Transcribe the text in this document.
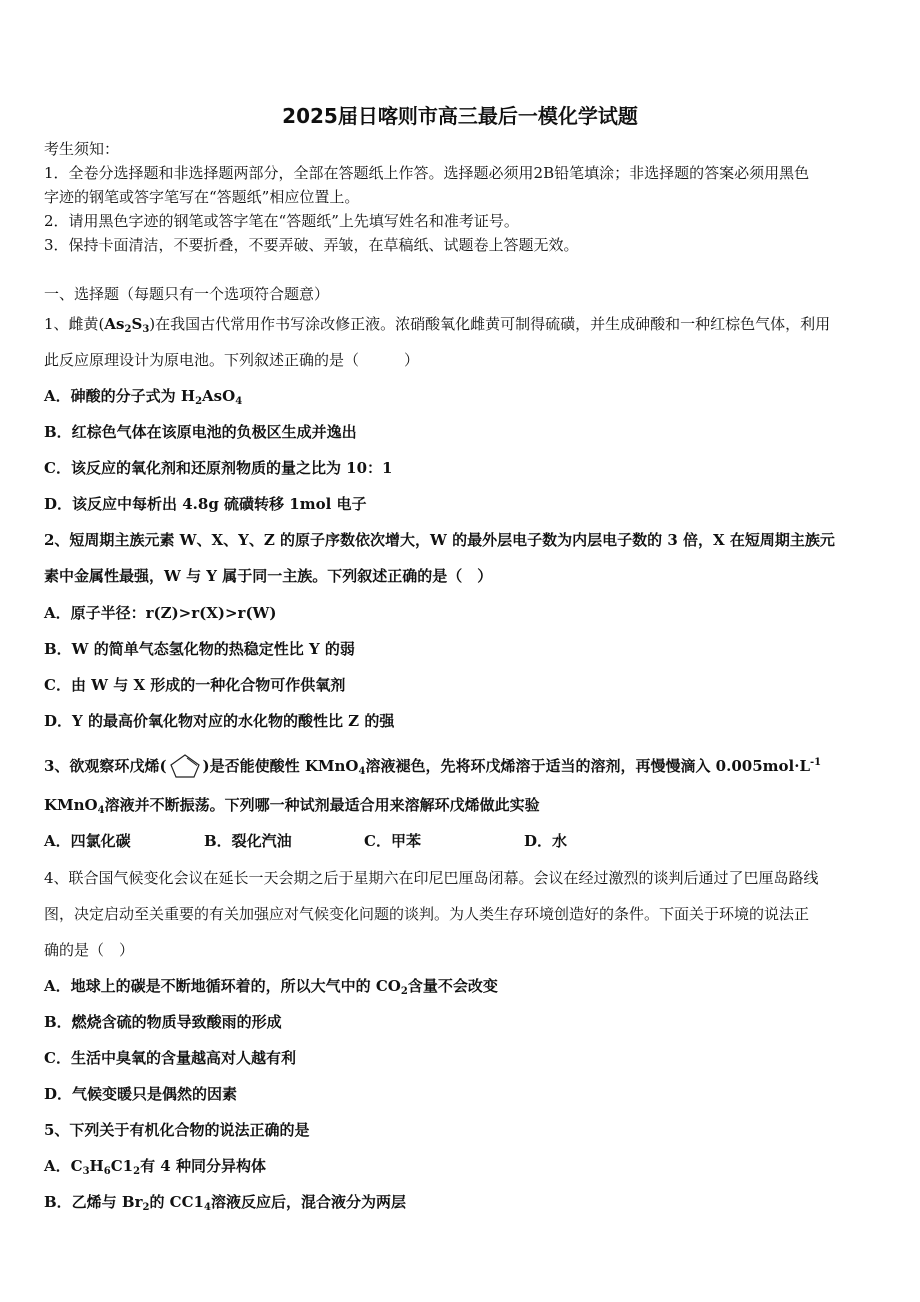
2025届日喀则市高三最后一模化学试题
考生须知：
1．全卷分选择题和非选择题两部分，全部在答题纸上作答。选择题必须用2B铅笔填涂；非选择题的答案必须用黑色
字迹的钢笔或答字笔写在“答题纸”相应位置上。
2．请用黑色字迹的钢笔或答字笔在“答题纸”上先填写姓名和准考证号。
3．保持卡面清洁，不要折叠，不要弄破、弄皱，在草稿纸、试题卷上答题无效。
一、选择题（每题只有一个选项符合题意）
1、雌黄$(As_2S_3)$在我国古代常用作书写涂改修正液。浓硝酸氧化雌黄可制得硫磺，并生成砷酸和一种红棕色气体，利用
此反应原理设计为原电池。下列叙述正确的是（　　　）
A．砷酸的分子式为 $H_2AsO_4$
B．红棕色气体在该原电池的负极区生成并逸出
C．该反应的氧化剂和还原剂物质的量之比为 10：1
D．该反应中每析出 4.8g 硫磺转移 1mol 电子
2、短周期主族元素 W、X、Y、Z 的原子序数依次增大，W 的最外层电子数为内层电子数的 3 倍，X 在短周期主族元
素中金属性最强，W 与 Y 属于同一主族。下列叙述正确的是（　）
A．原子半径：r(Z)>r(X)>r(W)
B．W 的简单气态氢化物的热稳定性比 Y 的弱
C．由 W 与 X 形成的一种化合物可作供氧剂
D．Y 的最高价氧化物对应的水化物的酸性比 Z 的强
3、欲观察环戊烯( )是否能使酸性 KMnO$_4$溶液褪色，先将环戊烯溶于适当的溶剂，再慢慢滴入 $0.005mol\cdot L^{-1}$
KMnO$_4$溶液并不断振荡。下列哪一种试剂最适合用来溶解环戊烯做此实验
A．四氯化碳	B．裂化汽油	C．甲苯	D．水
4、联合国气候变化会议在延长一天会期之后于星期六在印尼巴厘岛闭幕。会议在经过激烈的谈判后通过了巴厘岛路线
图，决定启动至关重要的有关加强应对气候变化问题的谈判。为人类生存环境创造好的条件。下面关于环境的说法正
确的是（　）
A．地球上的碳是不断地循环着的，所以大气中的 $CO_2$含量不会改变
B．燃烧含硫的物质导致酸雨的形成
C．生活中臭氧的含量越高对人越有利
D．气候变暖只是偶然的因素
5、下列关于有机化合物的说法正确的是
A．$C_3H_6C1_2$有 4 种同分异构体
B．乙烯与 $Br_2$的 $CC1_4$溶液反应后，混合液分为两层
